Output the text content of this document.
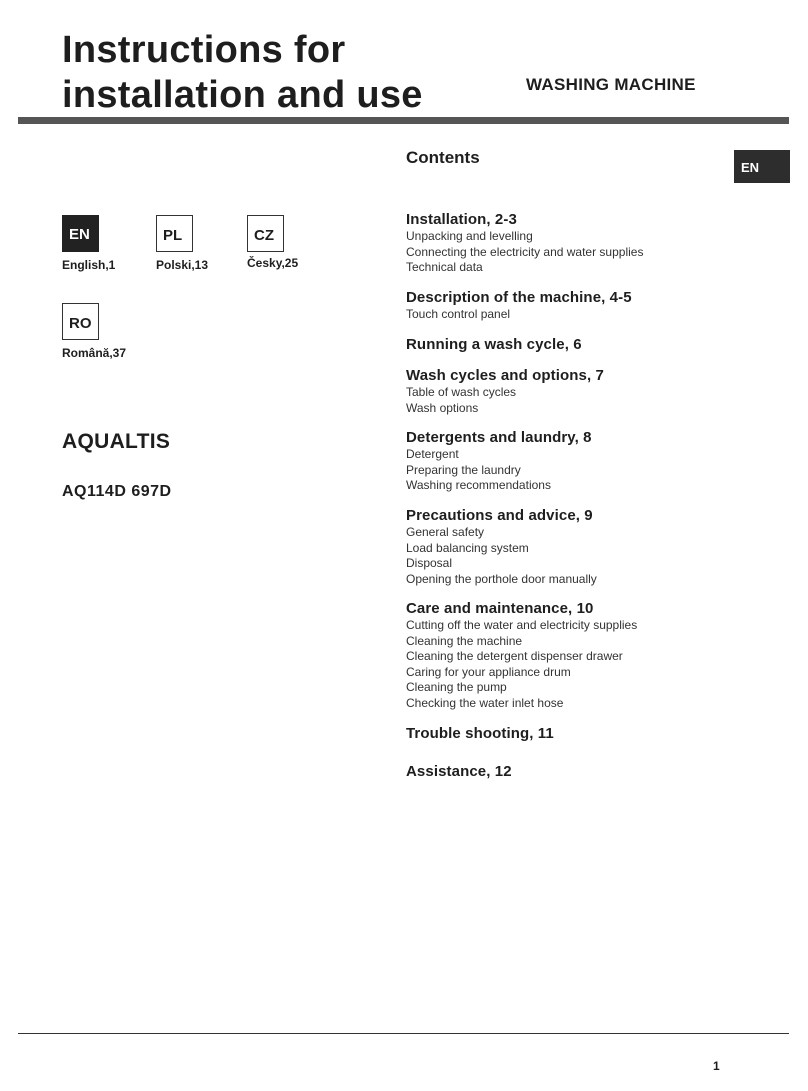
Instructions for
installation and use	WASHING MACHINE
EN
EN
English,1
PL
Polski,13
CZ
Česky,25
RO
Română,37
AQUALTIS
AQ114D 697D
Contents
Installation, 2-3
Unpacking and levelling
Connecting the electricity and water supplies
Technical data
Description of the machine, 4-5
Touch control panel
Running a wash cycle, 6
Wash cycles and options, 7
Table of wash cycles
Wash options
Detergents and laundry, 8
Detergent
Preparing the laundry
Washing recommendations
Precautions and advice, 9
General safety
Load balancing system
Disposal
Opening the porthole door manually
Care and maintenance, 10
Cutting off the water and electricity supplies
Cleaning the machine
Cleaning the detergent dispenser drawer
Caring for your appliance drum
Cleaning the pump
Checking the water inlet hose
Trouble shooting, 11
Assistance, 12
1
